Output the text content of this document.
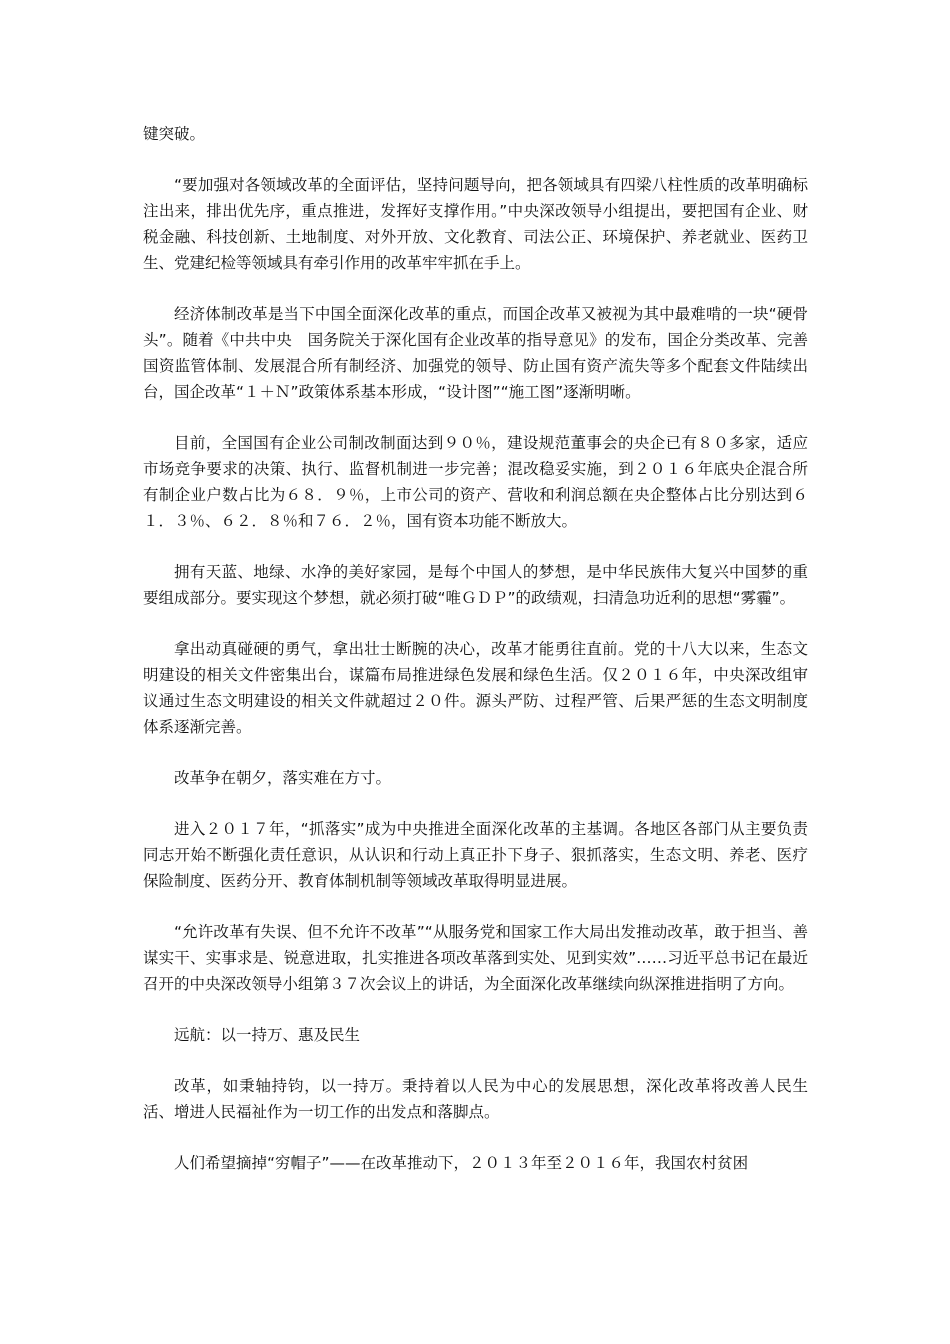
键突破。

“要加强对各领域改革的全面评估，坚持问题导向，把各领域具有四梁八柱性质的改革明确标注出来，排出优先序，重点推进，发挥好支撑作用。”中央深改领导小组提出，要把国有企业、财税金融、科技创新、土地制度、对外开放、文化教育、司法公正、环境保护、养老就业、医药卫生、党建纪检等领域具有牵引作用的改革牢牢抓在手上。

经济体制改革是当下中国全面深化改革的重点，而国企改革又被视为其中最难啃的一块“硬骨头”。随着《中共中央　国务院关于深化国有企业改革的指导意见》的发布，国企分类改革、完善国资监管体制、发展混合所有制经济、加强党的领导、防止国有资产流失等多个配套文件陆续出台，国企改革“１＋Ｎ”政策体系基本形成，“设计图”“施工图”逐渐明晰。

目前，全国国有企业公司制改制面达到９０％，建设规范董事会的央企已有８０多家，适应市场竞争要求的决策、执行、监督机制进一步完善；混改稳妥实施，到２０１６年底央企混合所有制企业户数占比为６８．９％，上市公司的资产、营收和利润总额在央企整体占比分别达到６１．３％、６２．８％和７６．２％，国有资本功能不断放大。

拥有天蓝、地绿、水净的美好家园，是每个中国人的梦想，是中华民族伟大复兴中国梦的重要组成部分。要实现这个梦想，就必须打破“唯ＧＤＰ”的政绩观，扫清急功近利的思想“雾霾”。

拿出动真碰硬的勇气，拿出壮士断腕的决心，改革才能勇往直前。党的十八大以来，生态文明建设的相关文件密集出台，谋篇布局推进绿色发展和绿色生活。仅２０１６年，中央深改组审议通过生态文明建设的相关文件就超过２０件。源头严防、过程严管、后果严惩的生态文明制度体系逐渐完善。

改革争在朝夕，落实难在方寸。

进入２０１７年，“抓落实”成为中央推进全面深化改革的主基调。各地区各部门从主要负责同志开始不断强化责任意识，从认识和行动上真正扑下身子、狠抓落实，生态文明、养老、医疗保险制度、医药分开、教育体制机制等领域改革取得明显进展。

“允许改革有失误、但不允许不改革”“从服务党和国家工作大局出发推动改革，敢于担当、善谋实干、实事求是、锐意进取，扎实推进各项改革落到实处、见到实效”……习近平总书记在最近召开的中央深改领导小组第３７次会议上的讲话，为全面深化改革继续向纵深推进指明了方向。

远航：以一持万、惠及民生

改革，如秉轴持钧，以一持万。秉持着以人民为中心的发展思想，深化改革将改善人民生活、增进人民福祉作为一切工作的出发点和落脚点。

人们希望摘掉“穷帽子”——在改革推动下，２０１３年至２０１６年，我国农村贫困
